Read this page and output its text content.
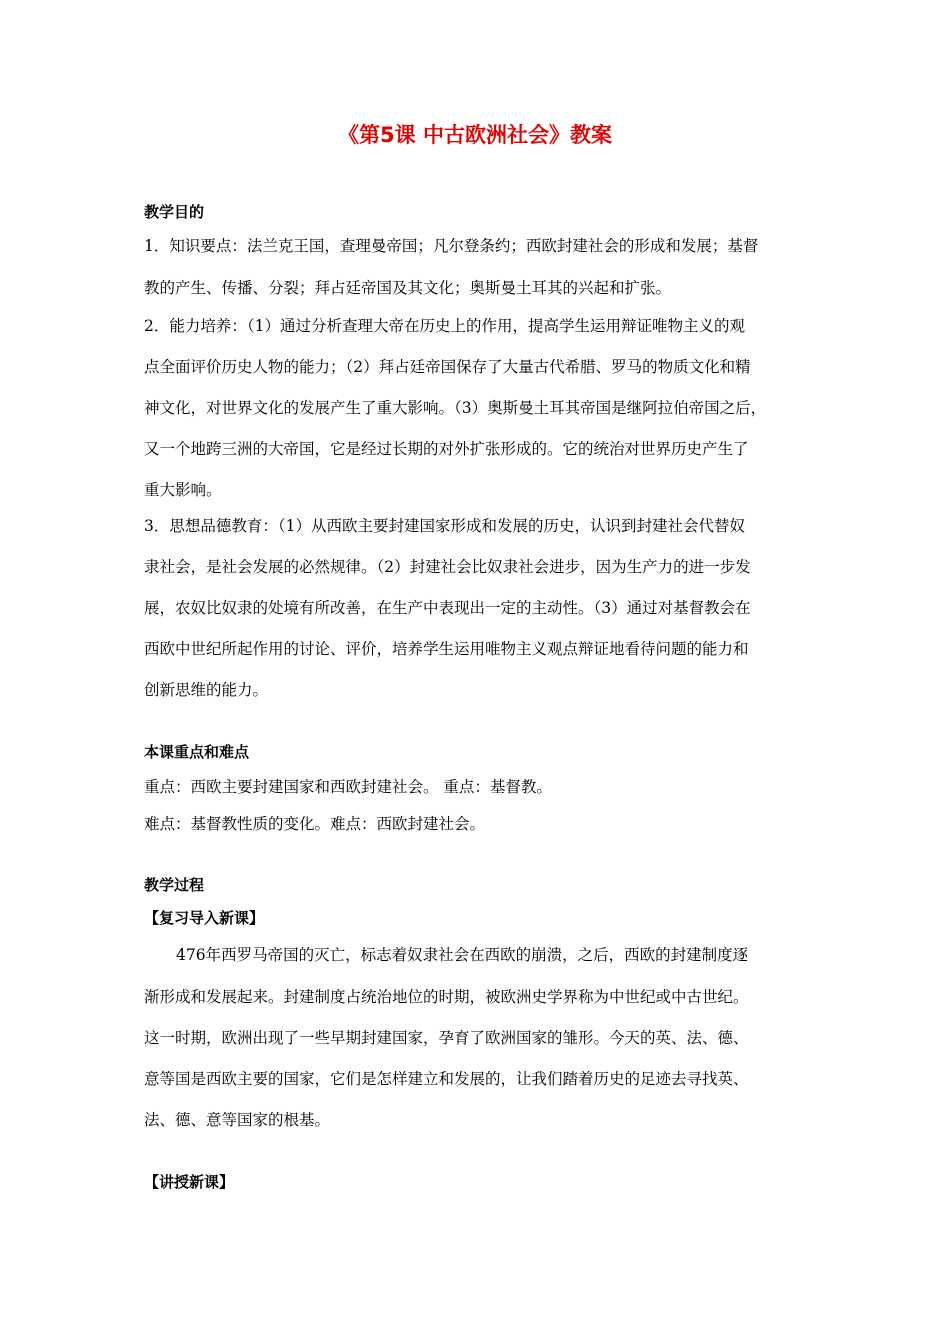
《第5课 中古欧洲社会》教案
教学目的
1．知识要点：法兰克王国，查理曼帝国；凡尔登条约；西欧封建社会的形成和发展；基督
教的产生、传播、分裂；拜占廷帝国及其文化；奥斯曼土耳其的兴起和扩张。
2．能力培养：（1）通过分析查理大帝在历史上的作用，提高学生运用辩证唯物主义的观
点全面评价历史人物的能力；（2）拜占廷帝国保存了大量古代希腊、罗马的物质文化和精
神文化，对世界文化的发展产生了重大影响。（3）奥斯曼土耳其帝国是继阿拉伯帝国之后，
又一个地跨三洲的大帝国，它是经过长期的对外扩张形成的。它的统治对世界历史产生了
重大影响。
3．思想品德教育：（1）从西欧主要封建国家形成和发展的历史，认识到封建社会代替奴
隶社会，是社会发展的必然规律。（2）封建社会比奴隶社会进步，因为生产力的进一步发
展，农奴比奴隶的处境有所改善，在生产中表现出一定的主动性。（3）通过对基督教会在
西欧中世纪所起作用的讨论、评价，培养学生运用唯物主义观点辩证地看待问题的能力和
创新思维的能力。
本课重点和难点
重点：西欧主要封建国家和西欧封建社会。 重点：基督教。
难点：基督教性质的变化。难点：西欧封建社会。
教学过程
【复习导入新课】
476年西罗马帝国的灭亡，标志着奴隶社会在西欧的崩溃，之后，西欧的封建制度逐
渐形成和发展起来。封建制度占统治地位的时期，被欧洲史学界称为中世纪或中古世纪。
这一时期，欧洲出现了一些早期封建国家，孕育了欧洲国家的雏形。今天的英、法、德、
意等国是西欧主要的国家，它们是怎样建立和发展的，让我们踏着历史的足迹去寻找英、
法、德、意等国家的根基。
【讲授新课】
